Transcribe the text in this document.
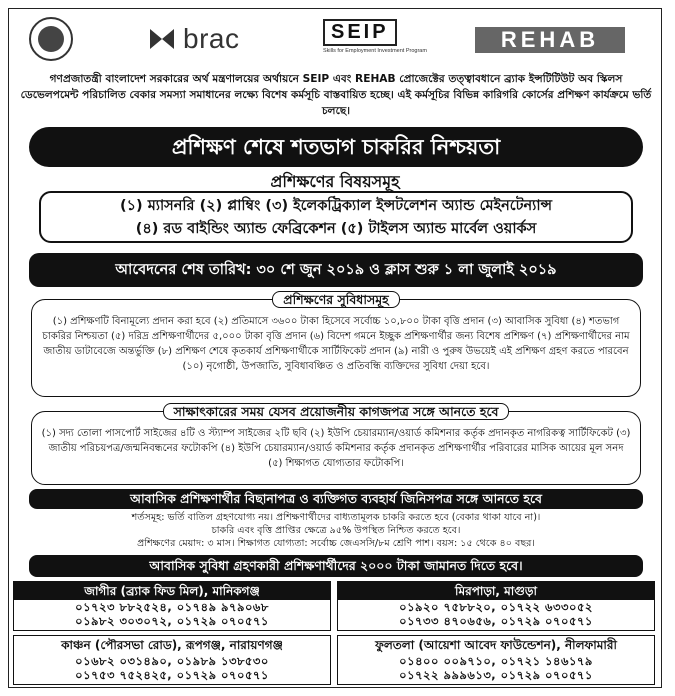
brac	SEIP
Skills for Employment Investment Program	REHAB
গণপ্রজাতন্ত্রী বাংলাদেশ সরকারের অর্থ মন্ত্রণালয়ের অর্থায়নে SEIP এবং REHAB প্রোজেক্টের তত্ত্বাবধানে ব্র্যাক ইন্সটিটিউট অব স্কিলস ডেভেলপমেন্ট পরিচালিত বেকার সমস্যা সমাধানের লক্ষ্যে বিশেষ কর্মসূচি বাস্তবায়িত হচ্ছে। এই কর্মসূচির বিভিন্ন কারিগরি কোর্সের প্রশিক্ষণ কার্যক্রমে ভর্তি চলছে।
প্রশিক্ষণ শেষে শতভাগ চাকরির নিশ্চয়তা
প্রশিক্ষণের বিষয়সমূহ
(১) ম্যাসনরি (২) প্লাম্বিং (৩) ইলেকট্রিক্যাল ইন্সটলেশন অ্যান্ড মেইনটেন্যান্স
(৪) রড বাইন্ডিং অ্যান্ড ফেব্রিকেশন (৫) টাইলস অ্যান্ড মার্বেল ওয়ার্কস
আবেদনের শেষ তারিখ: ৩০ শে জুন ২০১৯ ও ক্লাস শুরু ১ লা জুলাই ২০১৯
প্রশিক্ষণের সুবিধাসমূহ
(১) প্রশিক্ষণটি বিনামূল্যে প্রদান করা হবে (২) প্রতিমাসে ৩৬০০ টাকা হিসেবে সর্বোচ্চ ১০,৮০০ টাকা বৃত্তি প্রদান (৩) আবাসিক সুবিধা (৪) শতভাগ চাকরির নিশ্চয়তা (৫) দরিদ্র প্রশিক্ষণার্থীদের ৫,০০০ টাকা বৃত্তি প্রদান (৬) বিদেশ গমনে ইচ্ছুক প্রশিক্ষণার্থীর জন্য বিশেষ প্রশিক্ষণ (৭) প্রশিক্ষণার্থীদের নাম জাতীয় ডাটাবেজে অন্তর্ভুক্তি (৮) প্রশিক্ষণ শেষে কৃতকার্য প্রশিক্ষণার্থীকে সার্টিফিকেট প্রদান (৯) নারী ও পুরুষ উভয়েই এই প্রশিক্ষণ গ্রহণ করতে পারবেন (১০) নৃগোষ্ঠী, উপজাতি, সুবিধাবঞ্চিত ও প্রতিবন্ধি ব্যক্তিদের সুবিধা দেয়া হবে।
সাক্ষাৎকারের সময় যেসব প্রয়োজনীয় কাগজপত্র সঙ্গে আনতে হবে
(১) সদ্য তোলা পাসপোর্ট সাইজের ৪টি ও স্ট্যাম্প সাইজের ২টি ছবি (২) ইউপি চেয়ারম্যান/ওয়ার্ড কমিশনার কর্তৃক প্রদানকৃত নাগরিকত্ব সার্টিফিকেট (৩) জাতীয় পরিচয়পত্র/জন্মনিবন্ধনের ফটোকপি (৪) ইউপি চেয়ারম্যান/ওয়ার্ড কমিশনার কর্তৃক প্রদানকৃত প্রশিক্ষণার্থীর পরিবারের মাসিক আয়ের মূল সনদ (৫) শিক্ষাগত যোগ্যতার ফটোকপি।
আবাসিক প্রশিক্ষণার্থীর বিছানাপত্র ও ব্যক্তিগত ব্যবহার্য জিনিসপত্র সঙ্গে আনতে হবে
শর্তসমূহ: ভর্তি বাতিল গ্রহণযোগ্য নয়। প্রশিক্ষণার্থীদের বাধ্যতামূলক চাকরি করতে হবে (বেকার থাকা যাবে না)।
চাকরি এবং বৃত্তি প্রাপ্তির ক্ষেত্রে ৯৫% উপস্থিত নিশ্চিত করতে হবে।
প্রশিক্ষণের মেয়াদ: ৩ মাস। শিক্ষাগত যোগ্যতা: সর্বোচ্চ জেএসসি/৮ম শ্রেণি পাশ। বয়স: ১৫ থেকে ৪০ বছর।
আবাসিক সুবিধা গ্রহণকারী প্রশিক্ষণার্থীদের ২০০০ টাকা জামানত দিতে হবে।
জাগীর (ব্র্যাক ফিড মিল), মানিকগঞ্জ
০১৭২৩ ৮৮২৫২৪, ০১৭৪৯ ৯৭৯০৬৮
০১৯৮২ ৩০৩০৭২, ০১৭২৯ ০৭০৫৭১
মিরপাড়া, মাগুড়া
০১৯২০ ৭৫৮৮২০, ০১৭২২ ৬৩৩০৫২
০১৭৩৩ ৪৭০৬৫৬, ০১৭২৯ ০৭০৫৭১
কাঞ্চন (পৌরসভা রোড), রূপগঞ্জ, নারায়ণগঞ্জ
০১৬৮২ ০৩১৪৯০, ০১৯৮৯ ১৩৮৫৩০
০১৭৫৩ ৭৫২৪২৫, ০১৭২৯ ০৭০৫৭১
ফুলতলা (আয়েশা আবেদ ফাউন্ডেশন), নীলফামারী
০১৪০০ ০০৯৭১০, ০১৭২১ ১৪৬১৭৯
০১৭২২ ৯৯৯৬১৩, ০১৭২৯ ০৭০৫৭১
